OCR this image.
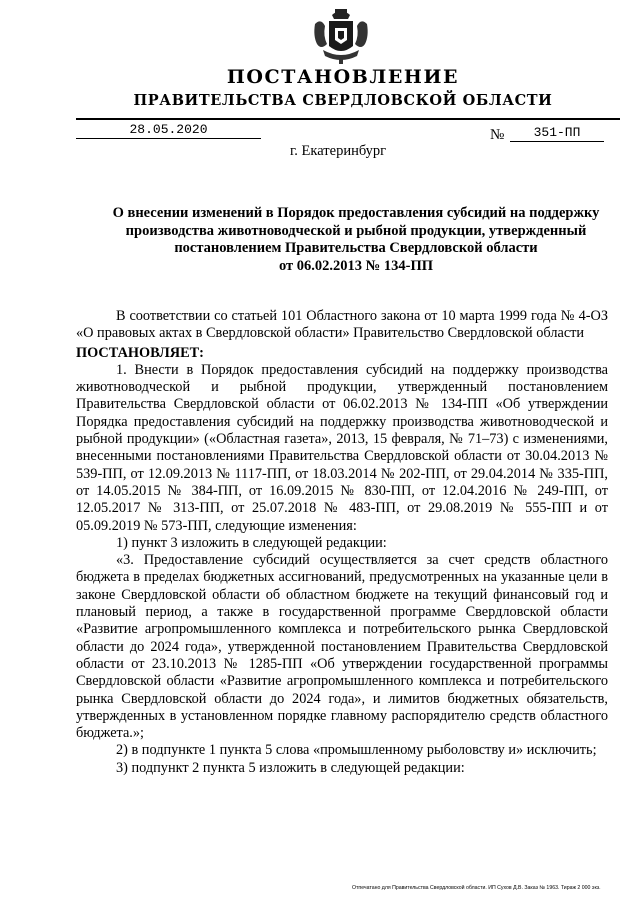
ПОСТАНОВЛЕНИЕ
ПРАВИТЕЛЬСТВА СВЕРДЛОВСКОЙ ОБЛАСТИ
28.05.2020	№	351-ПП
г. Екатеринбург
О внесении изменений в Порядок предоставления субсидий на поддержку
производства животноводческой и рыбной продукции, утвержденный
постановлением Правительства Свердловской области
от 06.02.2013 № 134-ПП

В соответствии со статьей 101 Областного закона от 10 марта 1999 года № 4-ОЗ «О правовых актах в Свердловской области» Правительство Свердловской области

ПОСТАНОВЛЯЕТ:

1. Внести в Порядок предоставления субсидий на поддержку производства животноводческой и рыбной продукции, утвержденный постановлением Правительства Свердловской области от 06.02.2013 № 134-ПП «Об утверждении Порядка предоставления субсидий на поддержку производства животноводческой и рыбной продукции» («Областная газета», 2013, 15 февраля, № 71–73) с изменениями, внесенными постановлениями Правительства Свердловской области от 30.04.2013 № 539-ПП, от 12.09.2013 № 1117-ПП, от 18.03.2014 № 202-ПП, от 29.04.2014 № 335-ПП, от 14.05.2015 № 384-ПП, от 16.09.2015 № 830-ПП, от 12.04.2016 № 249-ПП, от 12.05.2017 № 313-ПП, от 25.07.2018 № 483-ПП, от 29.08.2019 № 555-ПП и от 05.09.2019 № 573-ПП, следующие изменения:

1) пункт 3 изложить в следующей редакции:

«3. Предоставление субсидий осуществляется за счет средств областного бюджета в пределах бюджетных ассигнований, предусмотренных на указанные цели в законе Свердловской области об областном бюджете на текущий финансовый год и плановый период, а также в государственной программе Свердловской области «Развитие агропромышленного комплекса и потребительского рынка Свердловской области до 2024 года», утвержденной постановлением Правительства Свердловской области от 23.10.2013 № 1285-ПП «Об утверждении государственной программы Свердловской области «Развитие агропромышленного комплекса и потребительского рынка Свердловской области до 2024 года», и лимитов бюджетных обязательств, утвержденных в установленном порядке главному распорядителю средств областного бюджета.»;

2) в подпункте 1 пункта 5 слова «промышленному рыболовству и» исключить;

3) подпункт 2 пункта 5 изложить в следующей редакции:

Отпечатано для Правительства Свердловской области. ИП Сухов Д.В. Заказ № 1963. Тираж 2 000 экз.
